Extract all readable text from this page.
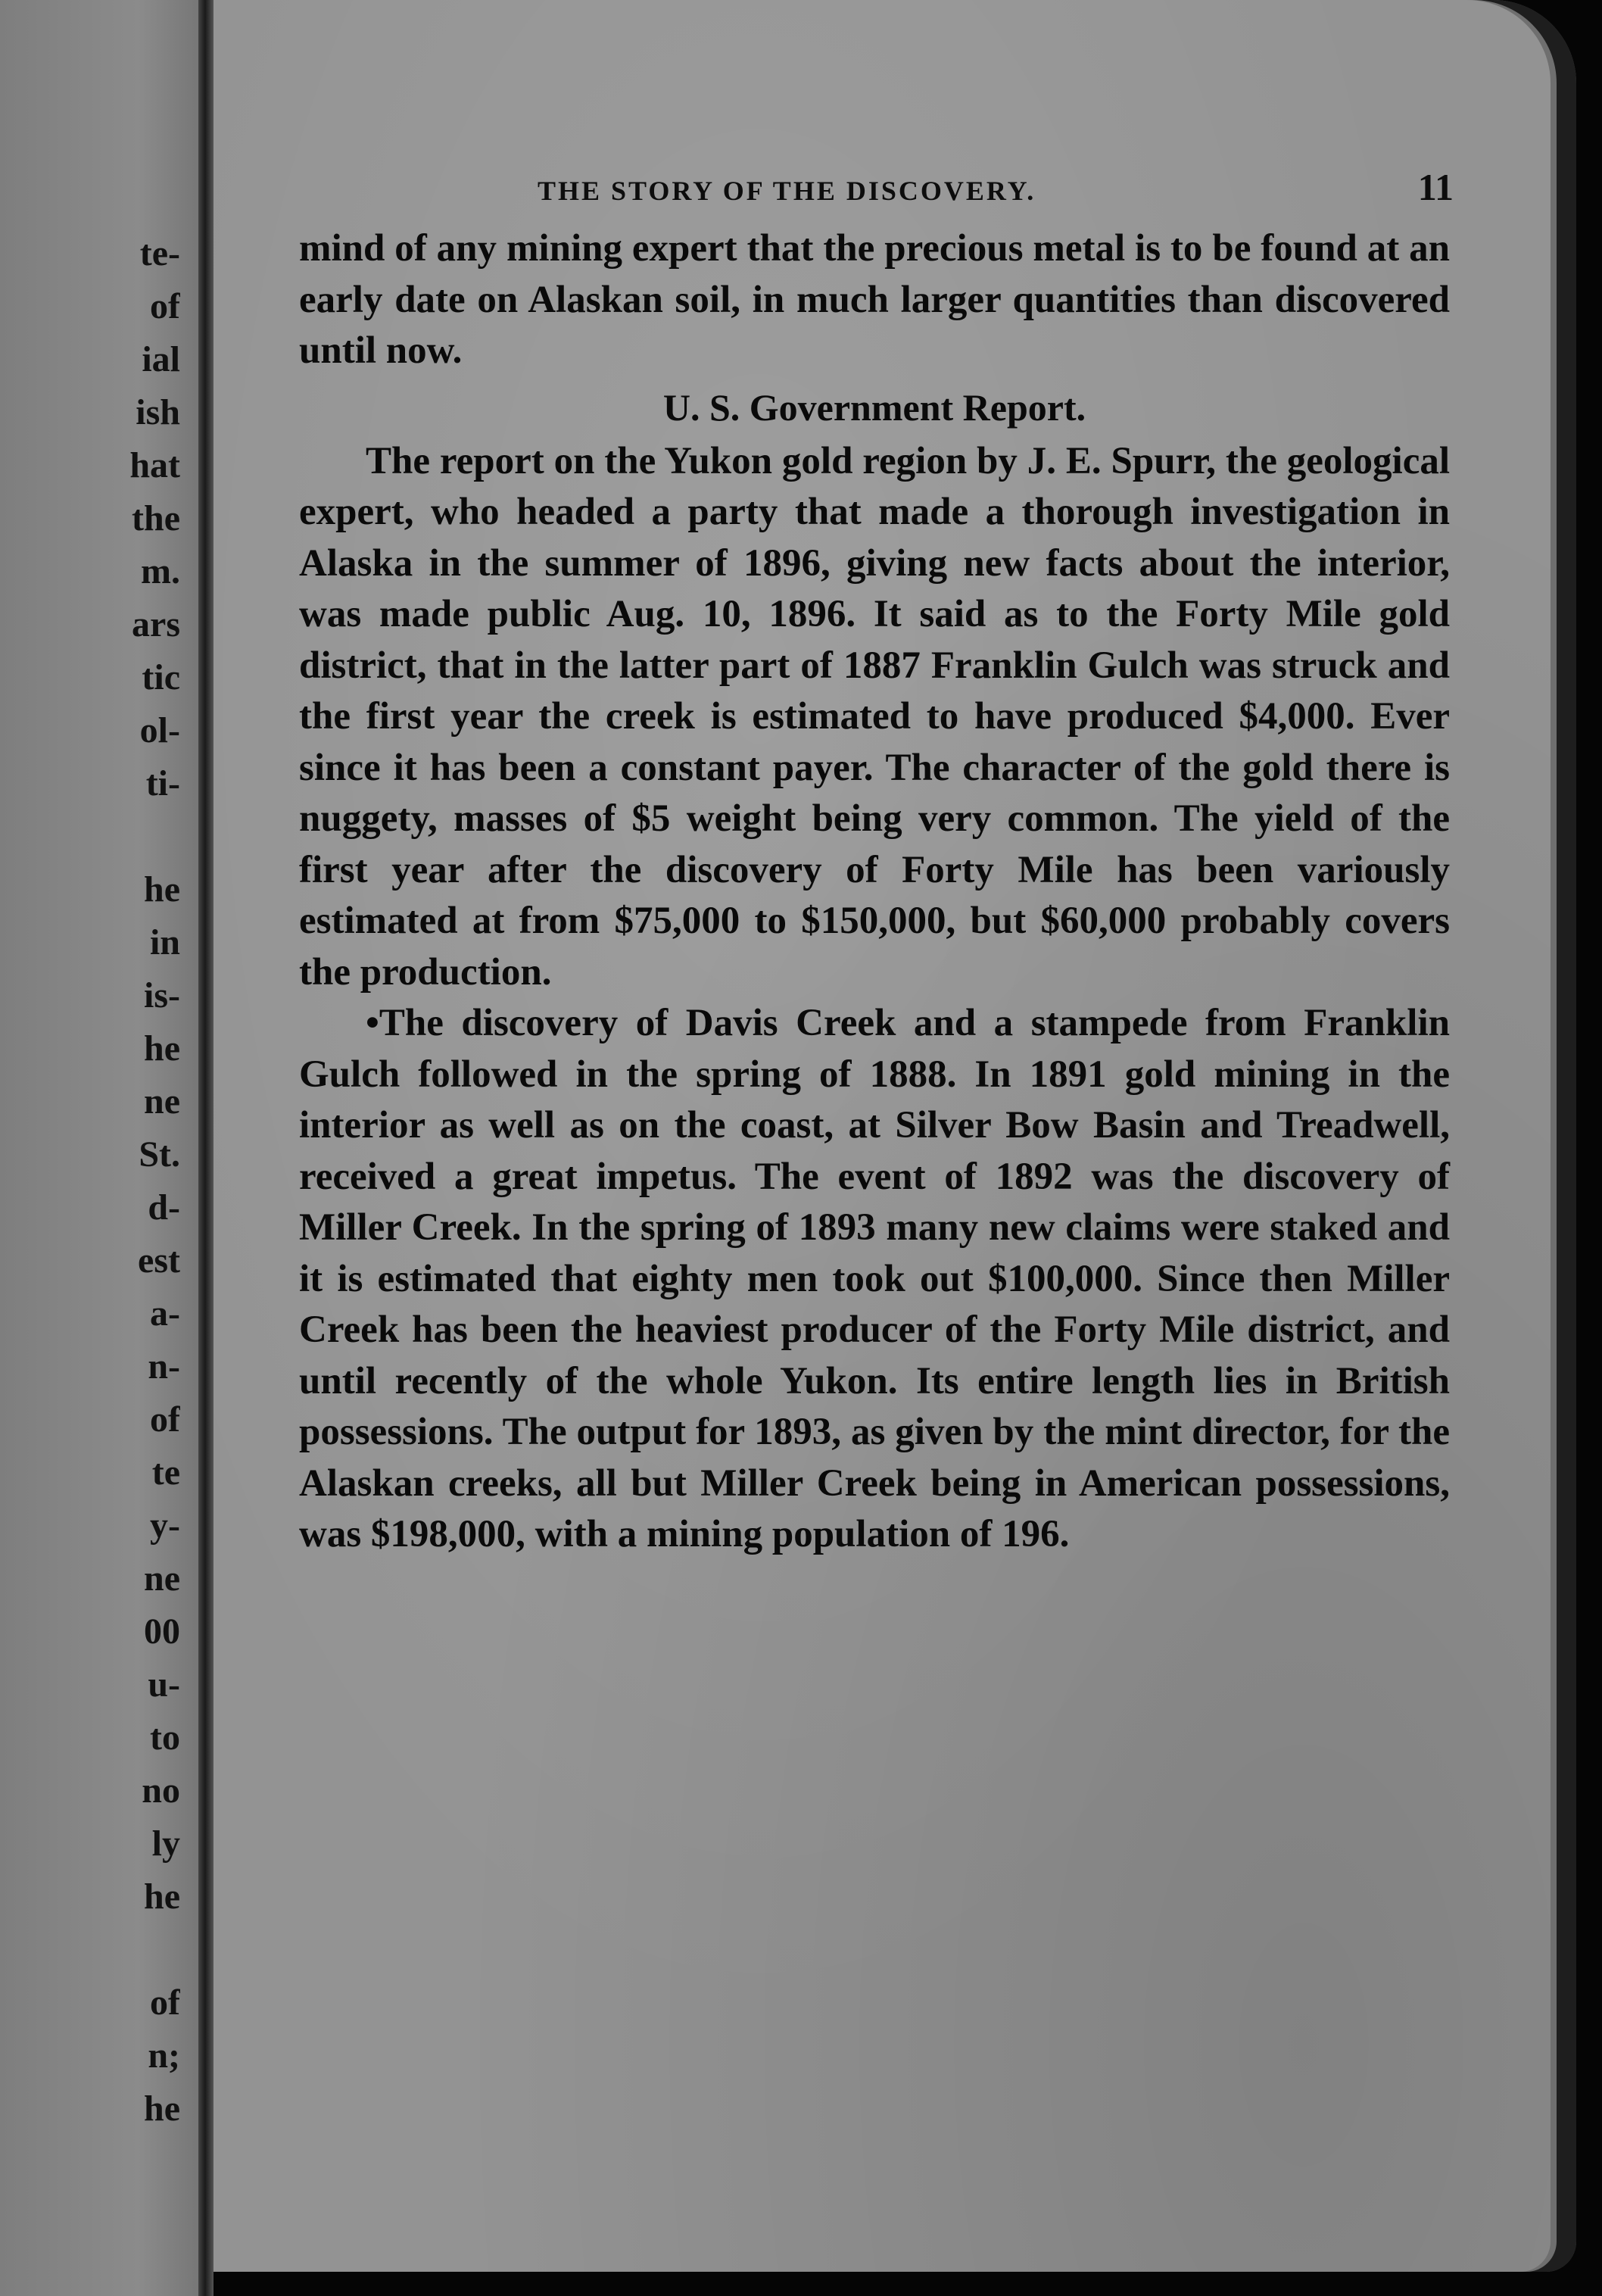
te-
of
ial
ish
hat
the
m.
ars
tic
ol-
ti-
he
in
is-
he
ne
St.
d-
est
a-
n-
of
te
y-
ne
00
u-
to
no
ly
he
of
n;
he
THE STORY OF THE DISCOVERY.	11

mind of any mining expert that the precious metal is to be found at an early date on Alaskan soil, in much larger quantities than discovered until now.

U. S. Government Report.

The report on the Yukon gold region by J. E. Spurr, the geological expert, who headed a party that made a thorough investigation in Alaska in the summer of 1896, giving new facts about the interior, was made public Aug. 10, 1896. It said as to the Forty Mile gold district, that in the latter part of 1887 Franklin Gulch was struck and the first year the creek is estimated to have produced $4,000. Ever since it has been a constant payer. The character of the gold there is nuggety, masses of $5 weight being very common. The yield of the first year after the discovery of Forty Mile has been variously estimated at from $75,000 to $150,000, but $60,000 probably covers the production.

•The discovery of Davis Creek and a stampede from Franklin Gulch followed in the spring of 1888. In 1891 gold mining in the interior as well as on the coast, at Silver Bow Basin and Treadwell, received a great impetus. The event of 1892 was the discovery of Miller Creek. In the spring of 1893 many new claims were staked and it is estimated that eighty men took out $100,000. Since then Miller Creek has been the heaviest producer of the Forty Mile district, and until recently of the whole Yukon. Its entire length lies in British possessions. The output for 1893, as given by the mint director, for the Alaskan creeks, all but Miller Creek being in American possessions, was $198,000, with a mining population of 196.
